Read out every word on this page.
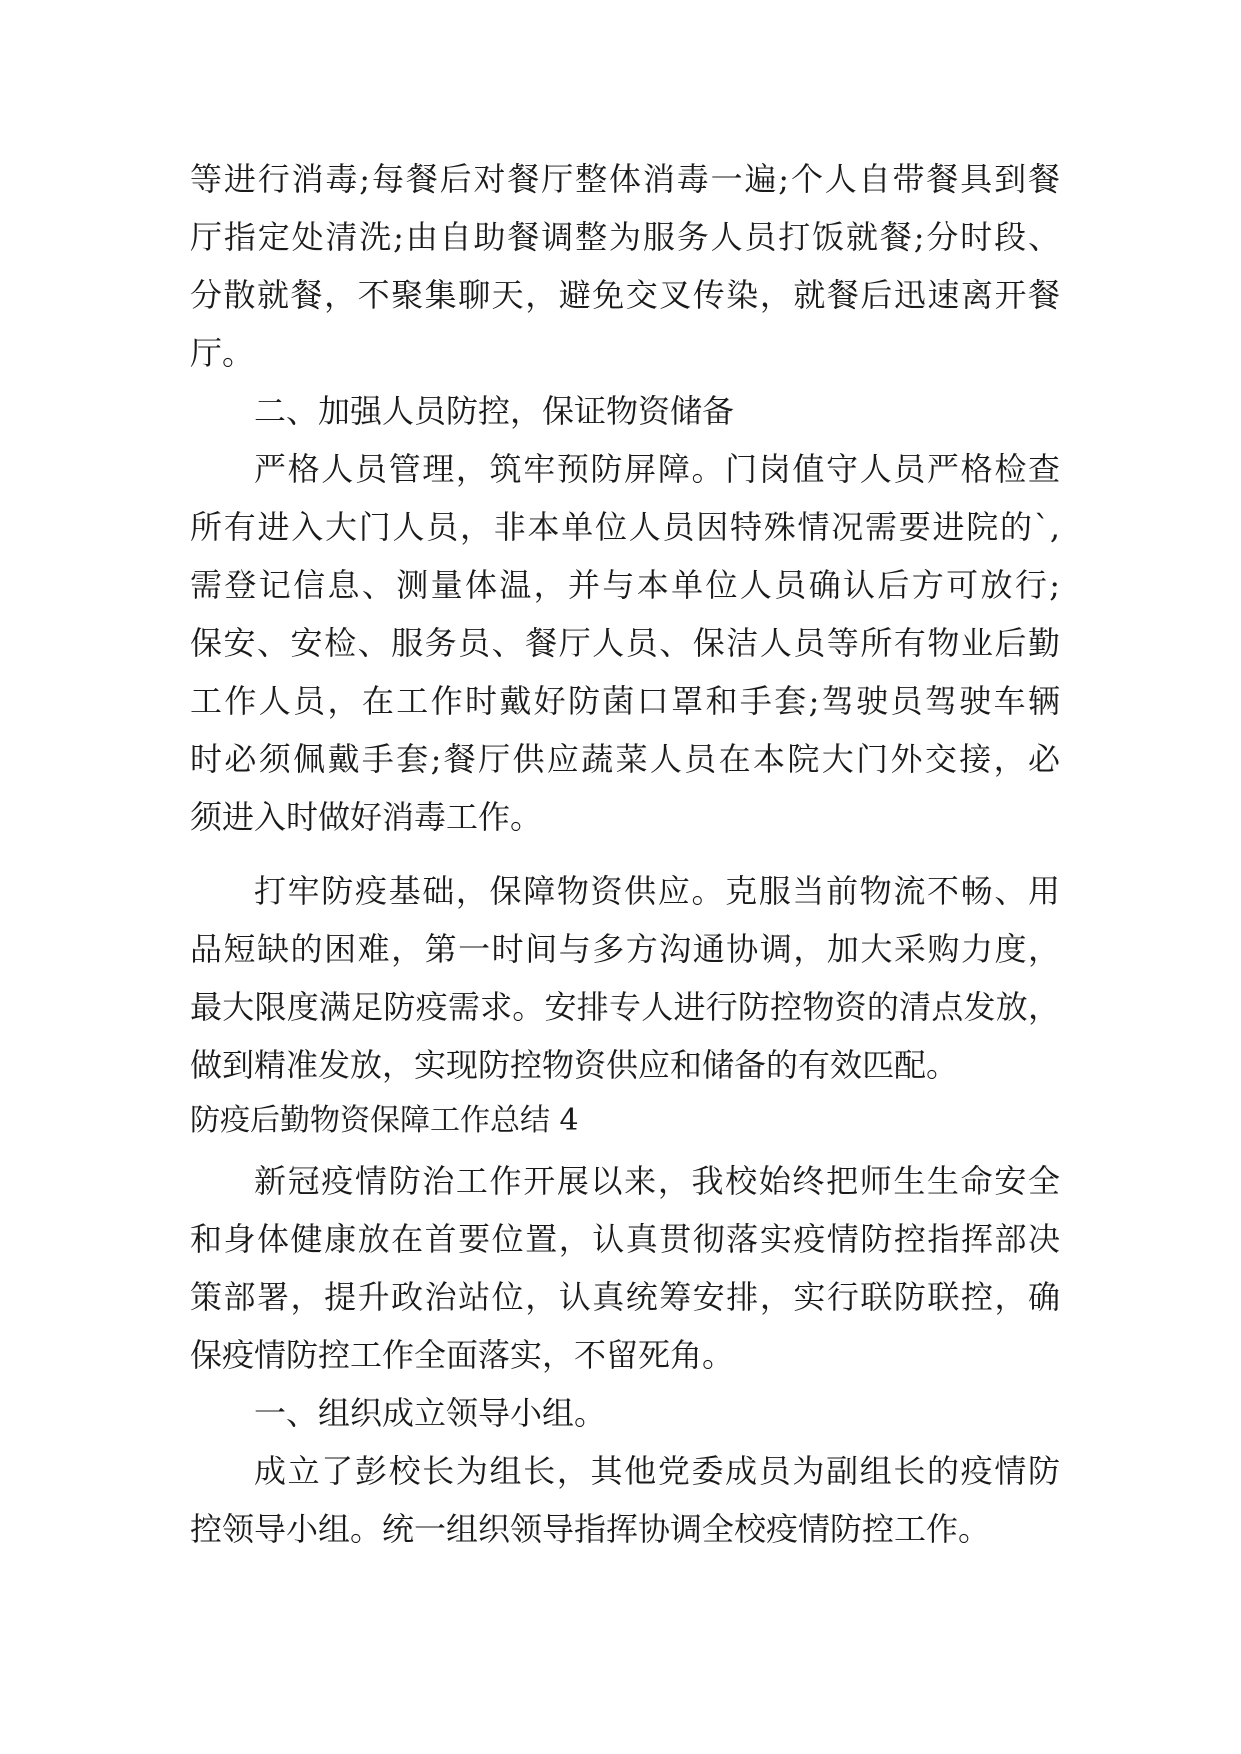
等进行消毒;每餐后对餐厅整体消毒一遍;个人自带餐具到餐
厅指定处清洗;由自助餐调整为服务人员打饭就餐;分时段、
分散就餐，不聚集聊天，避免交叉传染，就餐后迅速离开餐
厅。
二、加强人员防控，保证物资储备
严格人员管理，筑牢预防屏障。门岗值守人员严格检查
所有进入大门人员，非本单位人员因特殊情况需要进院的`,
需登记信息、测量体温，并与本单位人员确认后方可放行;
保安、安检、服务员、餐厅人员、保洁人员等所有物业后勤
工作人员，在工作时戴好防菌口罩和手套;驾驶员驾驶车辆
时必须佩戴手套;餐厅供应蔬菜人员在本院大门外交接，必
须进入时做好消毒工作。
打牢防疫基础，保障物资供应。克服当前物流不畅、用
品短缺的困难，第一时间与多方沟通协调，加大采购力度，
最大限度满足防疫需求。安排专人进行防控物资的清点发放，
做到精准发放，实现防控物资供应和储备的有效匹配。
防疫后勤物资保障工作总结 4
新冠疫情防治工作开展以来，我校始终把师生生命安全
和身体健康放在首要位置，认真贯彻落实疫情防控指挥部决
策部署，提升政治站位，认真统筹安排，实行联防联控，确
保疫情防控工作全面落实，不留死角。
一、组织成立领导小组。
成立了彭校长为组长，其他党委成员为副组长的疫情防
控领导小组。统一组织领导指挥协调全校疫情防控工作。
